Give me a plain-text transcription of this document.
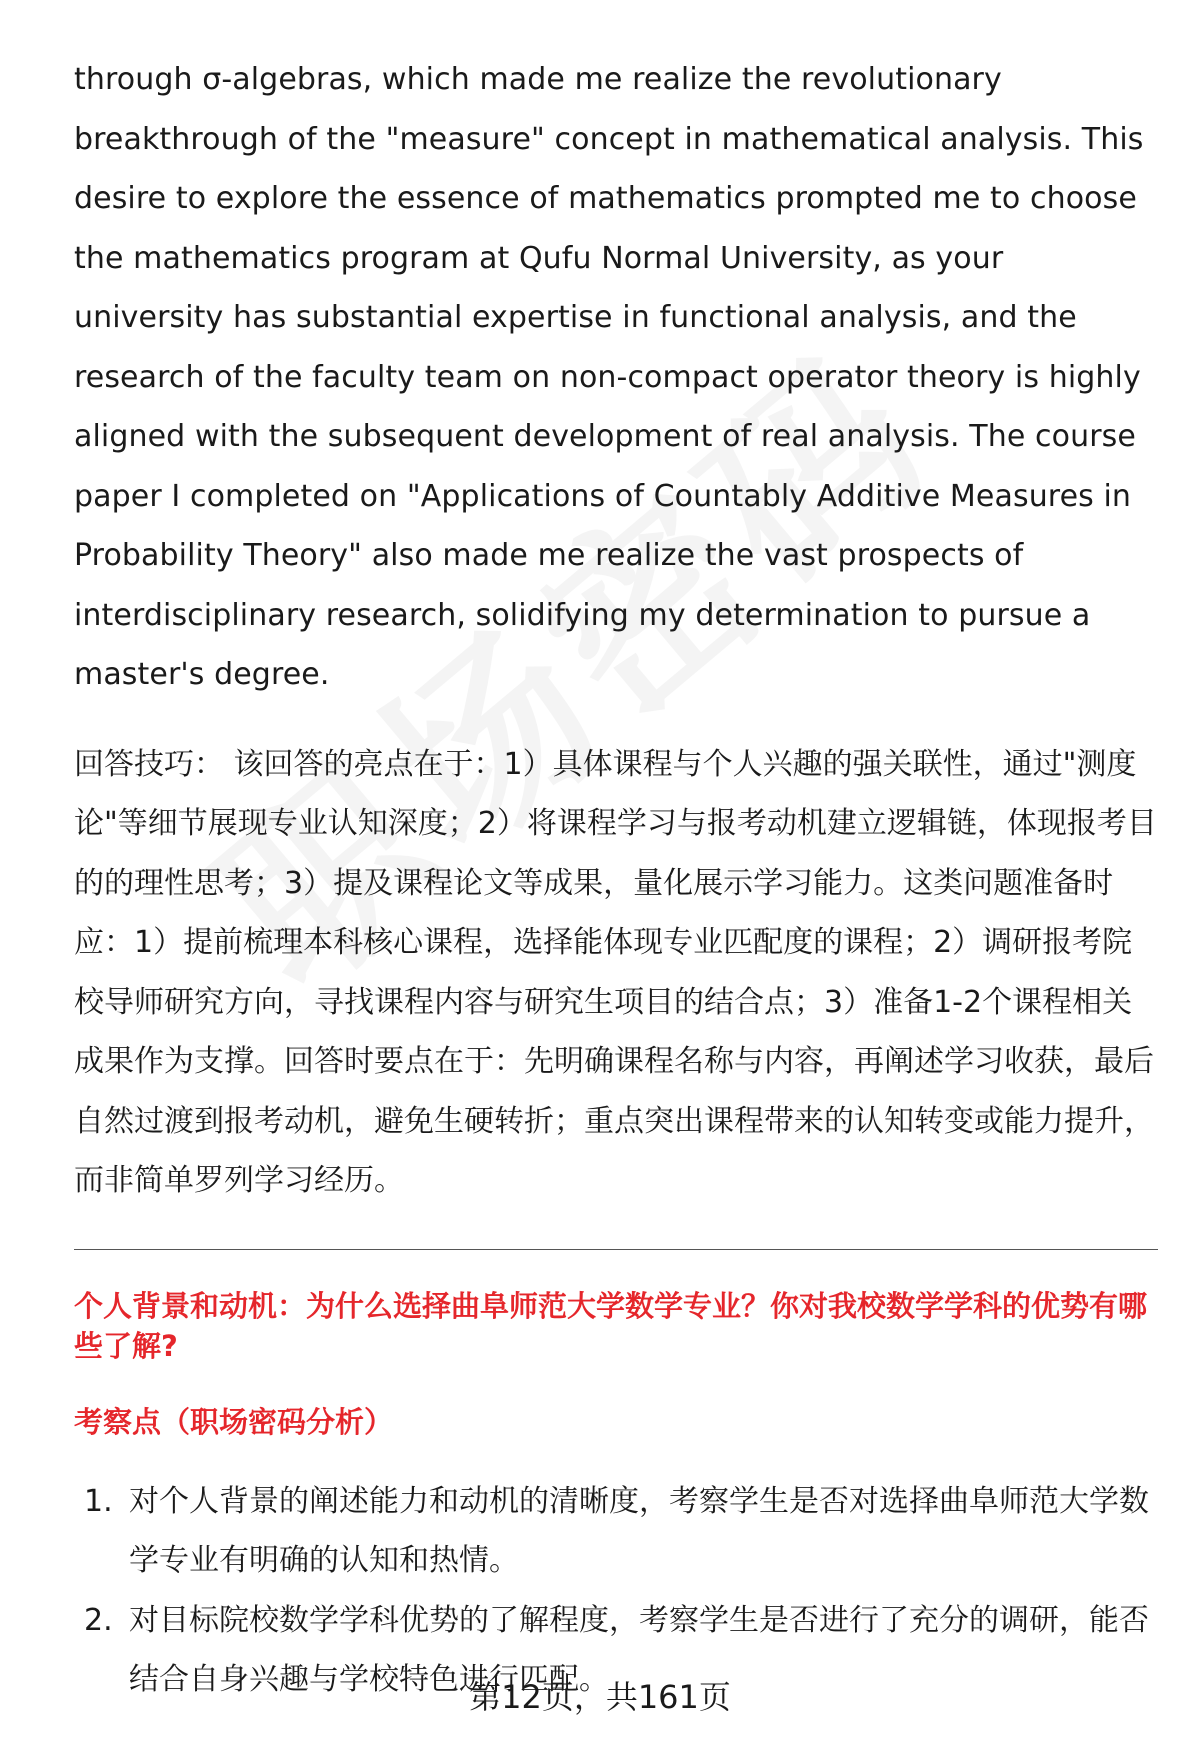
through σ-algebras, which made me realize the revolutionary breakthrough of the "measure" concept in mathematical analysis. This desire to explore the essence of mathematics prompted me to choose the mathematics program at Qufu Normal University, as your university has substantial expertise in functional analysis, and the research of the faculty team on non-compact operator theory is highly aligned with the subsequent development of real analysis. The course paper I completed on "Applications of Countably Additive Measures in Probability Theory" also made me realize the vast prospects of interdisciplinary research, solidifying my determination to pursue a master's degree.

回答技巧： 该回答的亮点在于：1）具体课程与个人兴趣的强关联性，通过"测度论"等细节展现专业认知深度；2）将课程学习与报考动机建立逻辑链，体现报考目的的理性思考；3）提及课程论文等成果，量化展示学习能力。这类问题准备时应：1）提前梳理本科核心课程，选择能体现专业匹配度的课程；2）调研报考院校导师研究方向，寻找课程内容与研究生项目的结合点；3）准备1-2个课程相关成果作为支撑。回答时要点在于：先明确课程名称与内容，再阐述学习收获，最后自然过渡到报考动机，避免生硬转折；重点突出课程带来的认知转变或能力提升，而非简单罗列学习经历。

个人背景和动机：为什么选择曲阜师范大学数学专业？你对我校数学学科的优势有哪些了解?
考察点（职场密码分析）
1. 对个人背景的阐述能力和动机的清晰度，考察学生是否对选择曲阜师范大学数学专业有明确的认知和热情。
2. 对目标院校数学学科优势的了解程度，考察学生是否进行了充分的调研，能否结合自身兴趣与学校特色进行匹配。
第12页，共161页
